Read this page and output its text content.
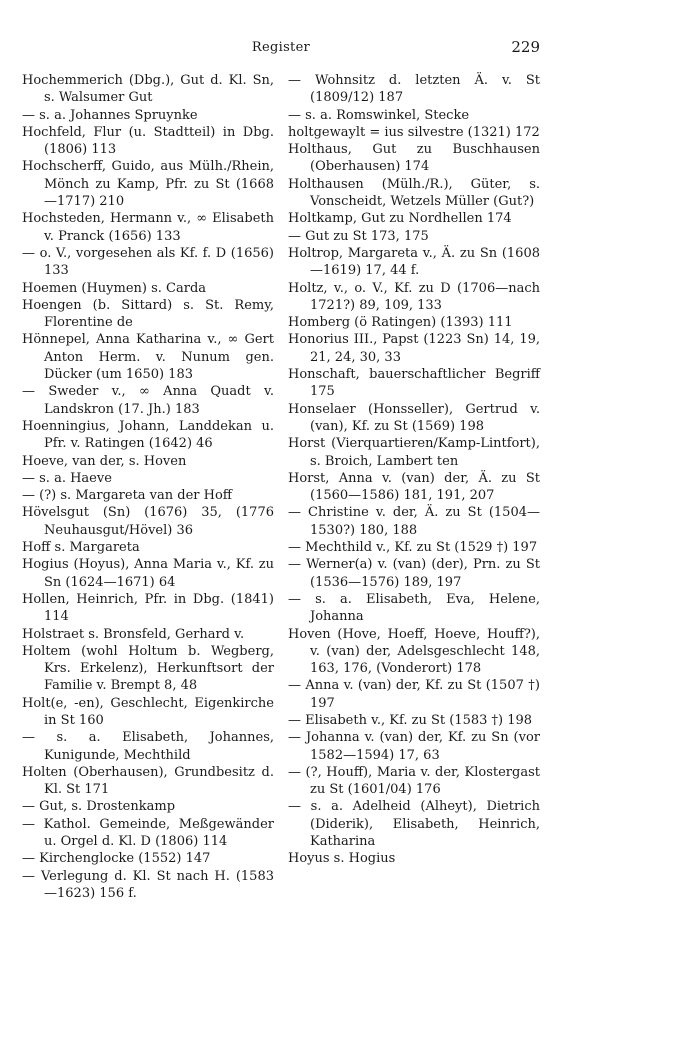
Register	229

Hochemmerich (Dbg.), Gut d. Kl. Sn, s. Walsumer Gut

— s. a. Johannes Spruynke

Hochfeld, Flur (u. Stadtteil) in Dbg. (1806) 113

Hochscherff, Guido, aus Mülh./Rhein, Mönch zu Kamp, Pfr. zu St (1668—1717) 210

Hochsteden, Hermann v., ∞ Elisabeth v. Pranck (1656) 133

— o. V., vorgesehen als Kf. f. D (1656) 133

Hoemen (Huymen) s. Carda

Hoengen (b. Sittard) s. St. Remy, Florentine de

Hönnepel, Anna Katharina v., ∞ Gert Anton Herm. v. Nunum gen. Dücker (um 1650) 183

— Sweder v., ∞ Anna Quadt v. Landskron (17. Jh.) 183

Hoenningius, Johann, Landdekan u. Pfr. v. Ratingen (1642) 46

Hoeve, van der, s. Hoven

— s. a. Haeve

— (?) s. Margareta van der Hoff

Hövelsgut (Sn) (1676) 35, (1776 Neuhausgut/Hövel) 36

Hoff s. Margareta

Hogius (Hoyus), Anna Maria v., Kf. zu Sn (1624—1671) 64

Hollen, Heinrich, Pfr. in Dbg. (1841) 114

Holstraet s. Bronsfeld, Gerhard v.

Holtem (wohl Holtum b. Wegberg, Krs. Erkelenz), Herkunftsort der Familie v. Brempt 8, 48

Holt(e, -en), Geschlecht, Eigenkirche in St 160

— s. a. Elisabeth, Johannes, Kunigunde, Mechthild

Holten (Oberhausen), Grundbesitz d. Kl. St 171

— Gut, s. Drostenkamp

— Kathol. Gemeinde, Meßgewänder u. Orgel d. Kl. D (1806) 114

— Kirchenglocke (1552) 147

— Verlegung d. Kl. St nach H. (1583—1623) 156 f.

— Wohnsitz d. letzten Ä. v. St (1809/12) 187

— s. a. Romswinkel, Stecke

holtgewaylt = ius silvestre (1321) 172

Holthaus, Gut zu Buschhausen (Oberhausen) 174

Holthausen (Mülh./R.), Güter, s. Vonscheidt, Wetzels Müller (Gut?)

Holtkamp, Gut zu Nordhellen 174

— Gut zu St 173, 175

Holtrop, Margareta v., Ä. zu Sn (1608—1619) 17, 44 f.

Holtz, v., o. V., Kf. zu D (1706—nach 1721?) 89, 109, 133

Homberg (ö Ratingen) (1393) 111

Honorius III., Papst (1223 Sn) 14, 19, 21, 24, 30, 33

Honschaft, bauerschaftlicher Begriff 175

Honselaer (Honsseller), Gertrud v. (van), Kf. zu St (1569) 198

Horst (Vierquartieren/Kamp-Lintfort), s. Broich, Lambert ten

Horst, Anna v. (van) der, Ä. zu St (1560—1586) 181, 191, 207

— Christine v. der, Ä. zu St (1504—1530?) 180, 188

— Mechthild v., Kf. zu St (1529 †) 197

— Werner(a) v. (van) (der), Prn. zu St (1536—1576) 189, 197

— s. a. Elisabeth, Eva, Helene, Johanna

Hoven (Hove, Hoeff, Hoeve, Houff?), v. (van) der, Adelsgeschlecht 148, 163, 176, (Vonderort) 178

— Anna v. (van) der, Kf. zu St (1507 †) 197

— Elisabeth v., Kf. zu St (1583 †) 198

— Johanna v. (van) der, Kf. zu Sn (vor 1582—1594) 17, 63

— (?, Houff), Maria v. der, Klostergast zu St (1601/04) 176

— s. a. Adelheid (Alheyt), Dietrich (Diderik), Elisabeth, Heinrich, Katharina

Hoyus s. Hogius
